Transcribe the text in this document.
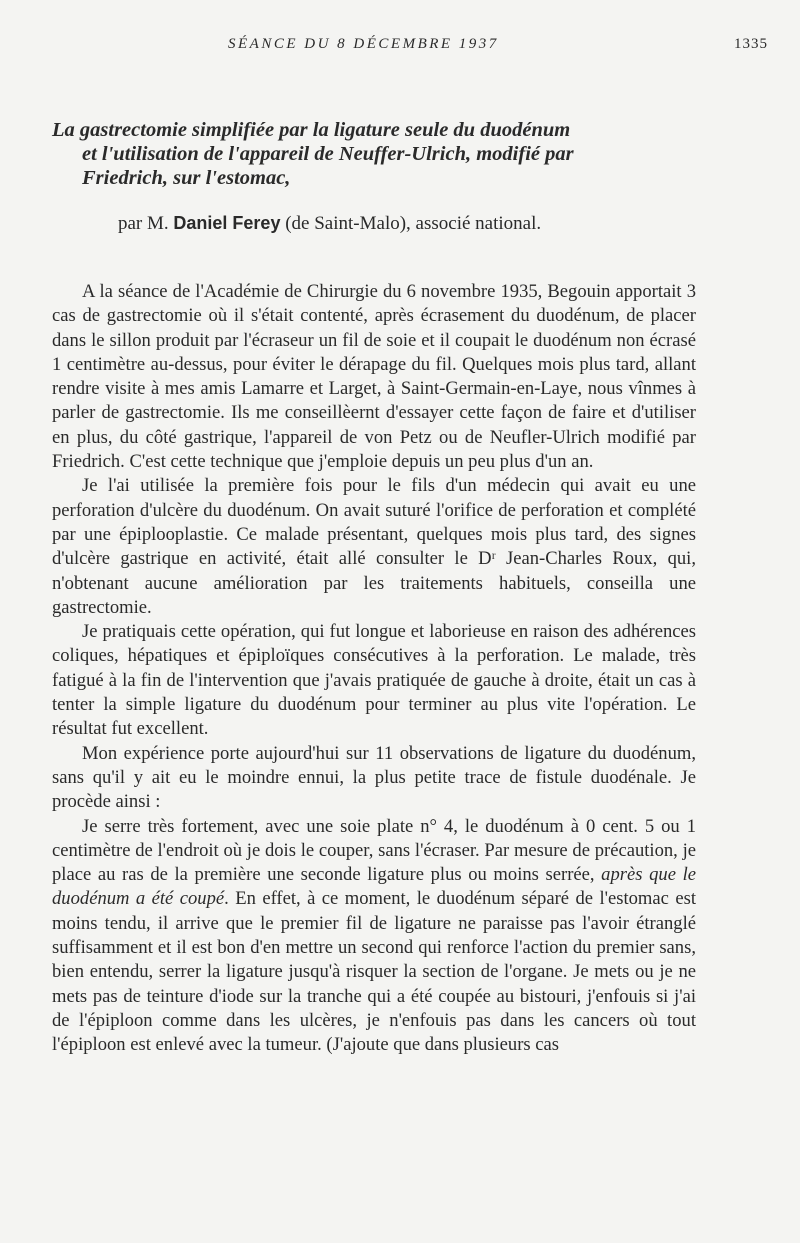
SÉANCE DU 8 DÉCEMBRE 1937	1335
La gastrectomie simplifiée par la ligature seule du duodénum
et l'utilisation de l'appareil de Neuffer-Ulrich, modifié par
Friedrich, sur l'estomac,
par M. Daniel Ferey (de Saint-Malo), associé national.

A la séance de l'Académie de Chirurgie du 6 novembre 1935, Begouin apportait 3 cas de gastrectomie où il s'était contenté, après écrasement du duodénum, de placer dans le sillon produit par l'écraseur un fil de soie et il coupait le duodénum non écrasé 1 centimètre au-dessus, pour éviter le dérapage du fil. Quelques mois plus tard, allant rendre visite à mes amis Lamarre et Larget, à Saint-Germain-en-Laye, nous vînmes à parler de gastrectomie. Ils me conseillèernt d'essayer cette façon de faire et d'utiliser en plus, du côté gastrique, l'appareil de von Petz ou de Neufler-Ulrich modifié par Friedrich. C'est cette technique que j'emploie depuis un peu plus d'un an.

Je l'ai utilisée la première fois pour le fils d'un médecin qui avait eu une perforation d'ulcère du duodénum. On avait suturé l'orifice de perforation et complété par une épiplooplastie. Ce malade présentant, quelques mois plus tard, des signes d'ulcère gastrique en activité, était allé consulter le Dʳ Jean-Charles Roux, qui, n'obtenant aucune amélioration par les traitements habituels, conseilla une gastrectomie.

Je pratiquais cette opération, qui fut longue et laborieuse en raison des adhérences coliques, hépatiques et épiploïques consécutives à la perforation. Le malade, très fatigué à la fin de l'intervention que j'avais pratiquée de gauche à droite, était un cas à tenter la simple ligature du duodénum pour terminer au plus vite l'opération. Le résultat fut excellent.

Mon expérience porte aujourd'hui sur 11 observations de ligature du duodénum, sans qu'il y ait eu le moindre ennui, la plus petite trace de fistule duodénale. Je procède ainsi :

Je serre très fortement, avec une soie plate n° 4, le duodénum à 0 cent. 5 ou 1 centimètre de l'endroit où je dois le couper, sans l'écraser. Par mesure de précaution, je place au ras de la première une seconde ligature plus ou moins serrée, après que le duodénum a été coupé. En effet, à ce moment, le duodénum séparé de l'estomac est moins tendu, il arrive que le premier fil de ligature ne paraisse pas l'avoir étranglé suffisamment et il est bon d'en mettre un second qui renforce l'action du premier sans, bien entendu, serrer la ligature jusqu'à risquer la section de l'organe. Je mets ou je ne mets pas de teinture d'iode sur la tranche qui a été coupée au bistouri, j'enfouis si j'ai de l'épiploon comme dans les ulcères, je n'enfouis pas dans les cancers où tout l'épiploon est enlevé avec la tumeur. (J'ajoute que dans plusieurs cas
